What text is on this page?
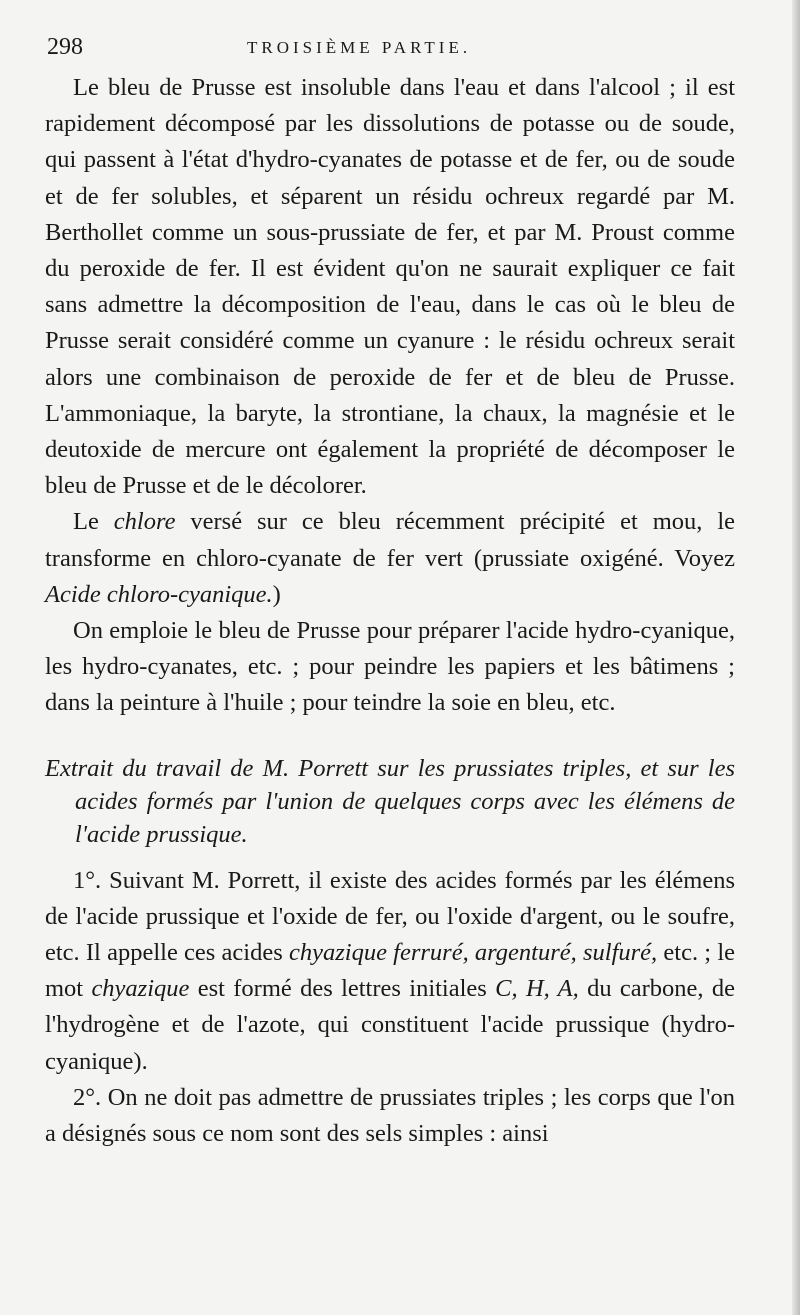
298	TROISIÈME PARTIE.

Le bleu de Prusse est insoluble dans l'eau et dans l'alcool ; il est rapidement décomposé par les dissolutions de potasse ou de soude, qui passent à l'état d'hydro-cyanates de potasse et de fer, ou de soude et de fer solubles, et séparent un résidu ochreux regardé par M. Berthollet comme un sous-prussiate de fer, et par M. Proust comme du peroxide de fer. Il est évident qu'on ne saurait expliquer ce fait sans admettre la décomposition de l'eau, dans le cas où le bleu de Prusse serait considéré comme un cyanure : le résidu ochreux serait alors une combinaison de peroxide de fer et de bleu de Prusse. L'ammoniaque, la baryte, la strontiane, la chaux, la magnésie et le deutoxide de mercure ont également la propriété de décomposer le bleu de Prusse et de le décolorer.

Le chlore versé sur ce bleu récemment précipité et mou, le transforme en chloro-cyanate de fer vert (prussiate oxigéné. Voyez Acide chloro-cyanique.)

On emploie le bleu de Prusse pour préparer l'acide hydro-cyanique, les hydro-cyanates, etc. ; pour peindre les papiers et les bâtimens ; dans la peinture à l'huile ; pour teindre la soie en bleu, etc.

Extrait du travail de M. Porrett sur les prussiates triples, et sur les acides formés par l'union de quelques corps avec les élémens de l'acide prussique.

1°. Suivant M. Porrett, il existe des acides formés par les élémens de l'acide prussique et l'oxide de fer, ou l'oxide d'argent, ou le soufre, etc. Il appelle ces acides chyazique ferruré, argenturé, sulfuré, etc. ; le mot chyazique est formé des lettres initiales C, H, A, du carbone, de l'hydrogène et de l'azote, qui constituent l'acide prussique (hydro-cyanique).

2°. On ne doit pas admettre de prussiates triples ; les corps que l'on a désignés sous ce nom sont des sels simples : ainsi
